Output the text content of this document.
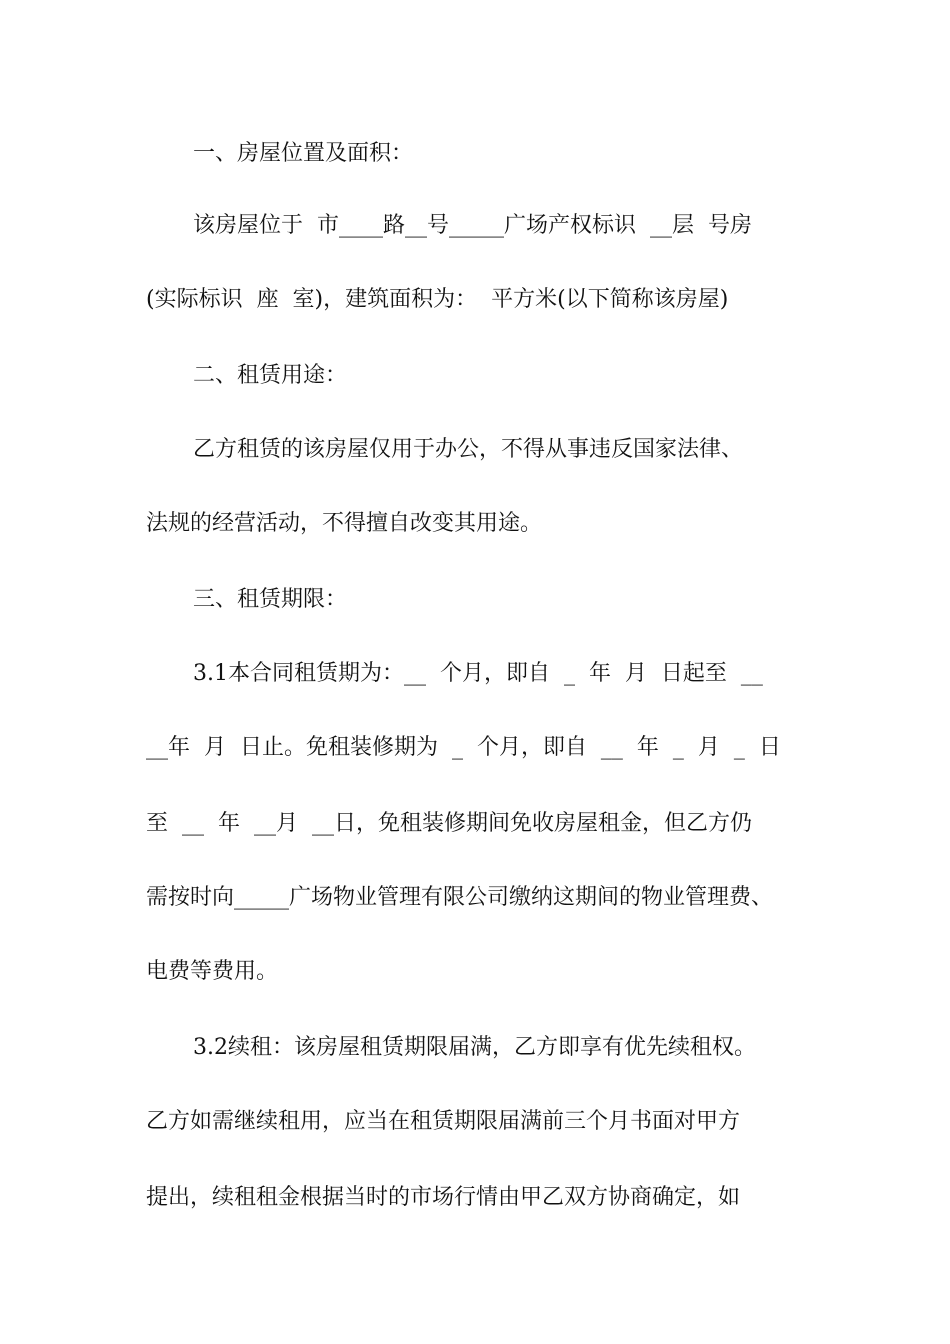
一、房屋位置及面积：

该房屋位于  市____路__号_____广场产权标识  __层  号房

(实际标识  座  室)，建筑面积为：  平方米(以下简称该房屋)

二、租赁用途：

乙方租赁的该房屋仅用于办公，不得从事违反国家法律、

法规的经营活动，不得擅自改变其用途。

三、租赁期限：

3.1本合同租赁期为：__  个月，即自  _  年  月  日起至  __

__年  月  日止。免租装修期为  _  个月，即自  __  年  _  月  _  日

至  __  年  __月  __日，免租装修期间免收房屋租金，但乙方仍

需按时向_____广场物业管理有限公司缴纳这期间的物业管理费、

电费等费用。

3.2续租：该房屋租赁期限届满，乙方即享有优先续租权。

乙方如需继续租用，应当在租赁期限届满前三个月书面对甲方

提出，续租租金根据当时的市场行情由甲乙双方协商确定，如
